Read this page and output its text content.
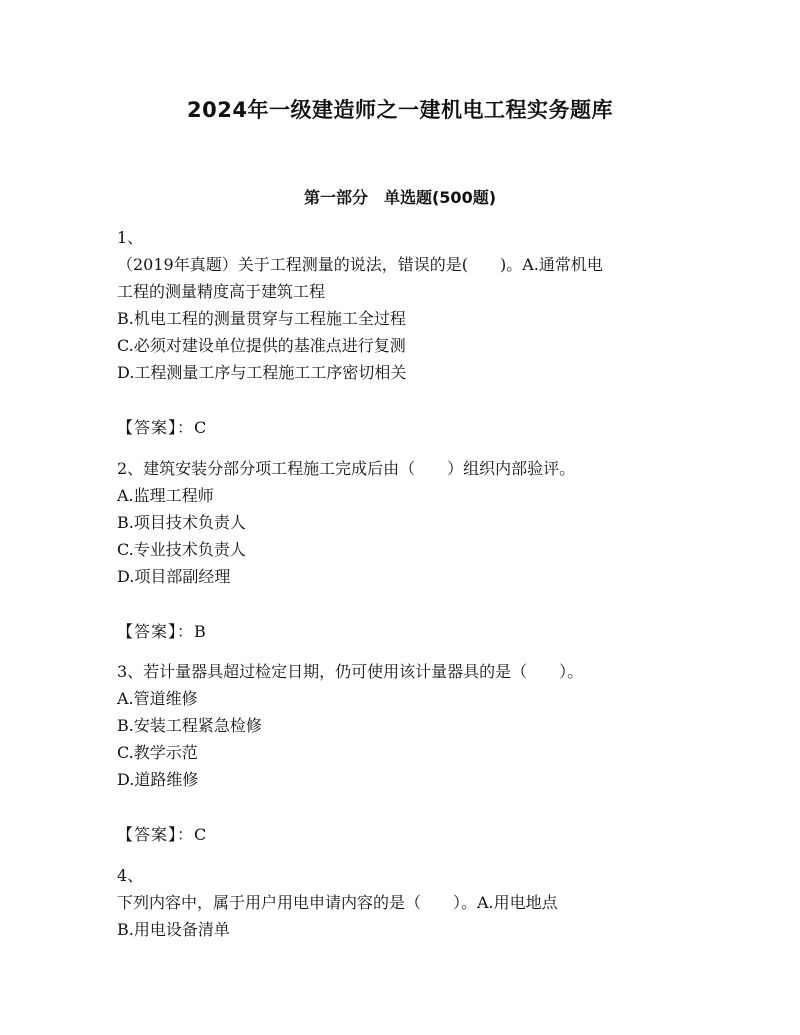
2024年一级建造师之一建机电工程实务题库
第一部分　单选题(500题)
1、
（2019年真题）关于工程测量的说法，错误的是(　　)。A.通常机电
工程的测量精度高于建筑工程
B.机电工程的测量贯穿与工程施工全过程
C.必须对建设单位提供的基准点进行复测
D.工程测量工序与工程施工工序密切相关
【答案】：C
2、建筑安装分部分项工程施工完成后由（　　）组织内部验评。
A.监理工程师
B.项目技术负责人
C.专业技术负责人
D.项目部副经理
【答案】：B
3、若计量器具超过检定日期，仍可使用该计量器具的是（　　）。
A.管道维修
B.安装工程紧急检修
C.教学示范
D.道路维修
【答案】：C
4、
下列内容中，属于用户用电申请内容的是（　　）。A.用电地点
B.用电设备清单
